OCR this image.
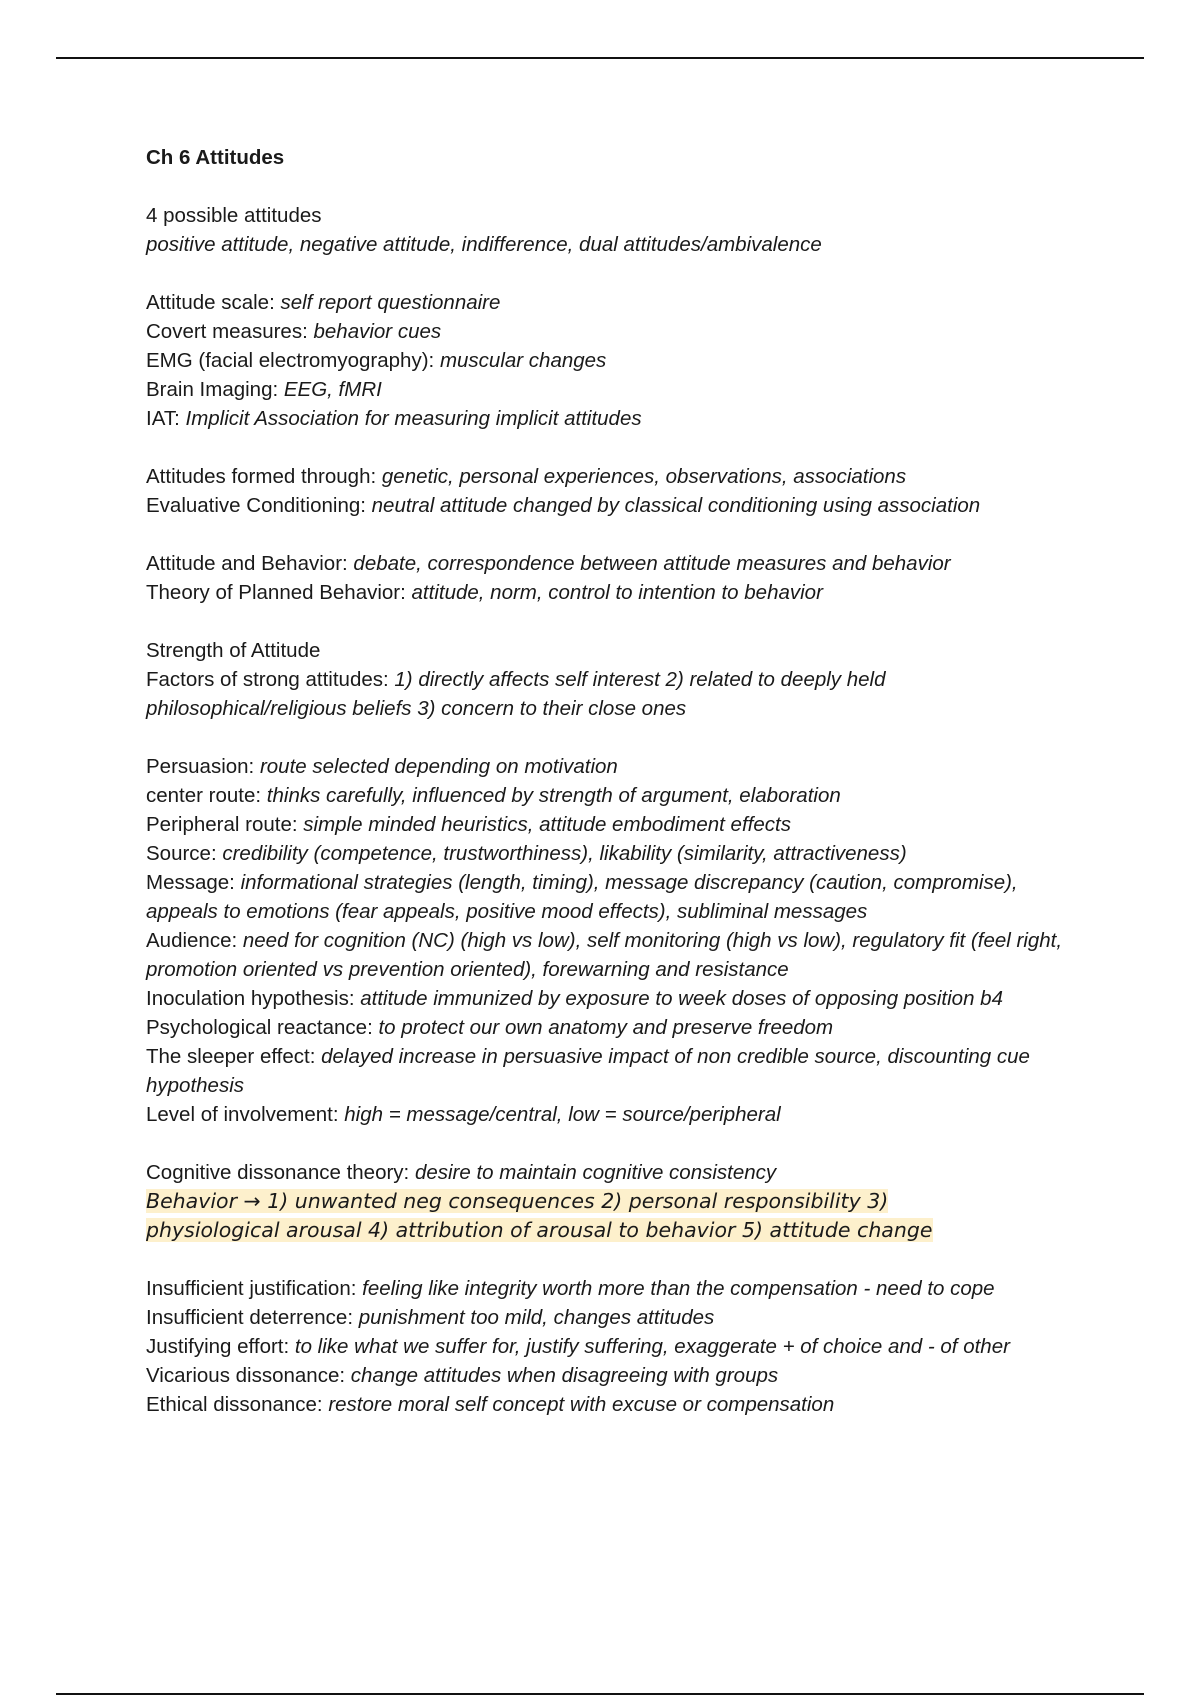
Ch 6 Attitudes
4 possible attitudes
positive attitude, negative attitude, indifference, dual attitudes/ambivalence
Attitude scale: self report questionnaire
Covert measures: behavior cues
EMG (facial electromyography): muscular changes
Brain Imaging: EEG, fMRI
IAT: Implicit Association for measuring implicit attitudes
Attitudes formed through: genetic, personal experiences, observations, associations
Evaluative Conditioning: neutral attitude changed by classical conditioning using association
Attitude and Behavior: debate, correspondence between attitude measures and behavior
Theory of Planned Behavior: attitude, norm, control to intention to behavior
Strength of Attitude
Factors of strong attitudes: 1) directly affects self interest 2) related to deeply held philosophical/religious beliefs 3) concern to their close ones
Persuasion: route selected depending on motivation
center route: thinks carefully, influenced by strength of argument, elaboration
Peripheral route: simple minded heuristics, attitude embodiment effects
Source: credibility (competence, trustworthiness), likability (similarity, attractiveness)
Message: informational strategies (length, timing), message discrepancy (caution, compromise), appeals to emotions (fear appeals, positive mood effects), subliminal messages
Audience: need for cognition (NC) (high vs low), self monitoring (high vs low), regulatory fit (feel right, promotion oriented vs prevention oriented), forewarning and resistance
Inoculation hypothesis: attitude immunized by exposure to week doses of opposing position b4
Psychological reactance: to protect our own anatomy and preserve freedom
The sleeper effect: delayed increase in persuasive impact of non credible source, discounting cue hypothesis
Level of involvement: high = message/central, low = source/peripheral
Cognitive dissonance theory: desire to maintain cognitive consistency
Behavior → 1) unwanted neg consequences 2) personal responsibility 3)
physiological arousal 4) attribution of arousal to behavior 5) attitude change
Insufficient justification: feeling like integrity worth more than the compensation - need to cope
Insufficient deterrence: punishment too mild, changes attitudes
Justifying effort: to like what we suffer for, justify suffering, exaggerate + of choice and - of other
Vicarious dissonance: change attitudes when disagreeing with groups
Ethical dissonance: restore moral self concept with excuse or compensation
